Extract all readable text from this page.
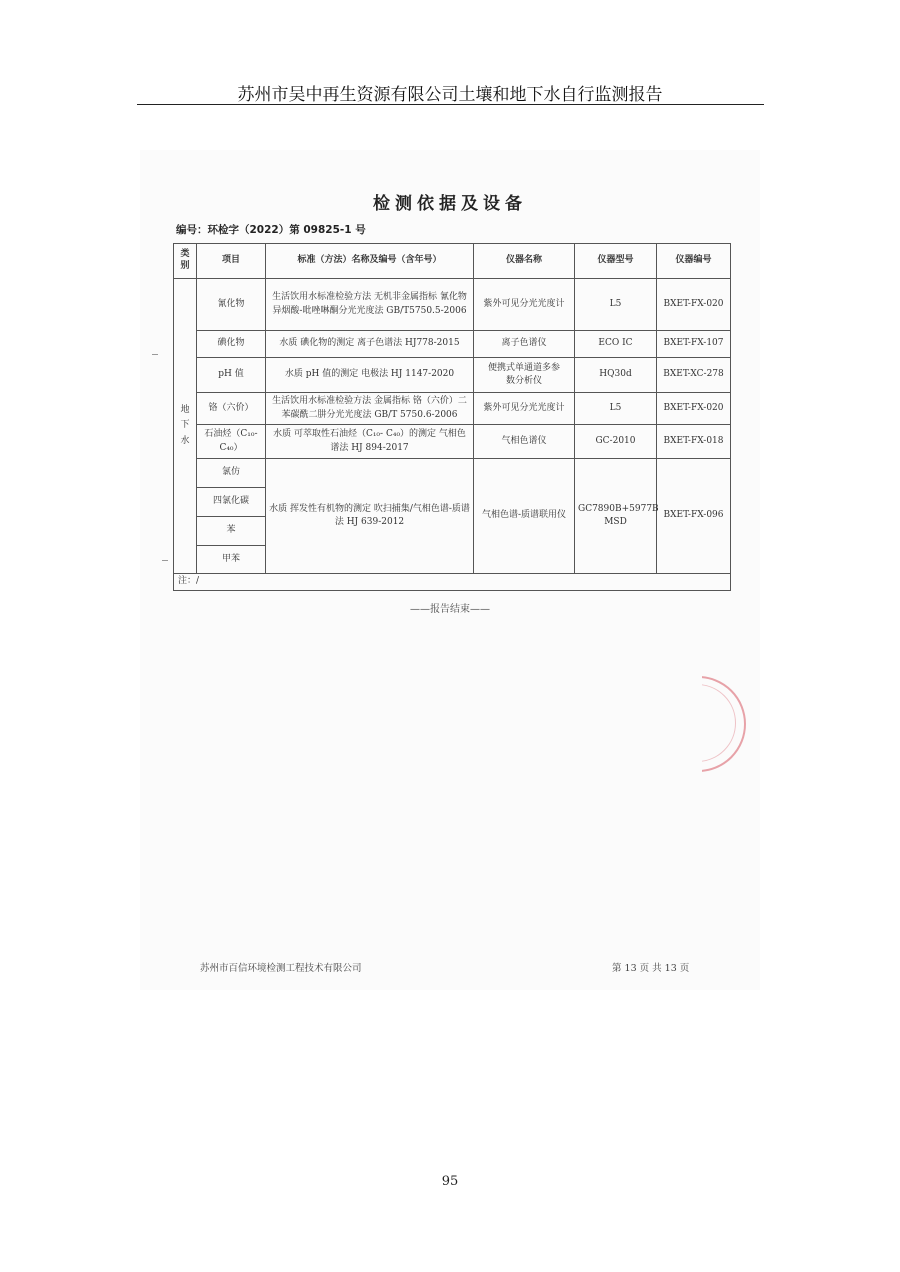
苏州市吴中再生资源有限公司土壤和地下水自行监测报告
检测依据及设备
编号：环检字（2022）第 09825-1 号
类别	项目	标准（方法）名称及编号（含年号）	仪器名称	仪器型号	仪器编号
地下水	氰化物	生活饮用水标准检验方法 无机非金属指标 氰化物 异烟酸-吡唑啉酮分光光度法 GB/T5750.5-2006	紫外可见分光光度计	L5	BXET-FX-020
	碘化物	水质 碘化物的测定 离子色谱法 HJ778-2015	离子色谱仪	ECO IC	BXET-FX-107
	pH 值	水质 pH 值的测定 电极法 HJ 1147-2020	便携式单通道多参数分析仪	HQ30d	BXET-XC-278
	铬（六价）	生活饮用水标准检验方法 金属指标 铬（六价）二苯碳酰二肼分光光度法 GB/T 5750.6-2006	紫外可见分光光度计	L5	BXET-FX-020
	石油烃（C₁₀- C₄₀）	水质 可萃取性石油烃（C₁₀- C₄₀）的测定 气相色谱法 HJ 894-2017	气相色谱仪	GC-2010	BXET-FX-018
	氯仿	水质 挥发性有机物的测定 吹扫捕集/气相色谱-质谱法 HJ 639-2012	气相色谱-质谱联用仪	GC7890B+5977B MSD	BXET-FX-096
	四氯化碳				
	苯				
	甲苯				
注：/					
——报告结束——
苏州市百信环境检测工程技术有限公司	第 13 页 共 13 页
95
